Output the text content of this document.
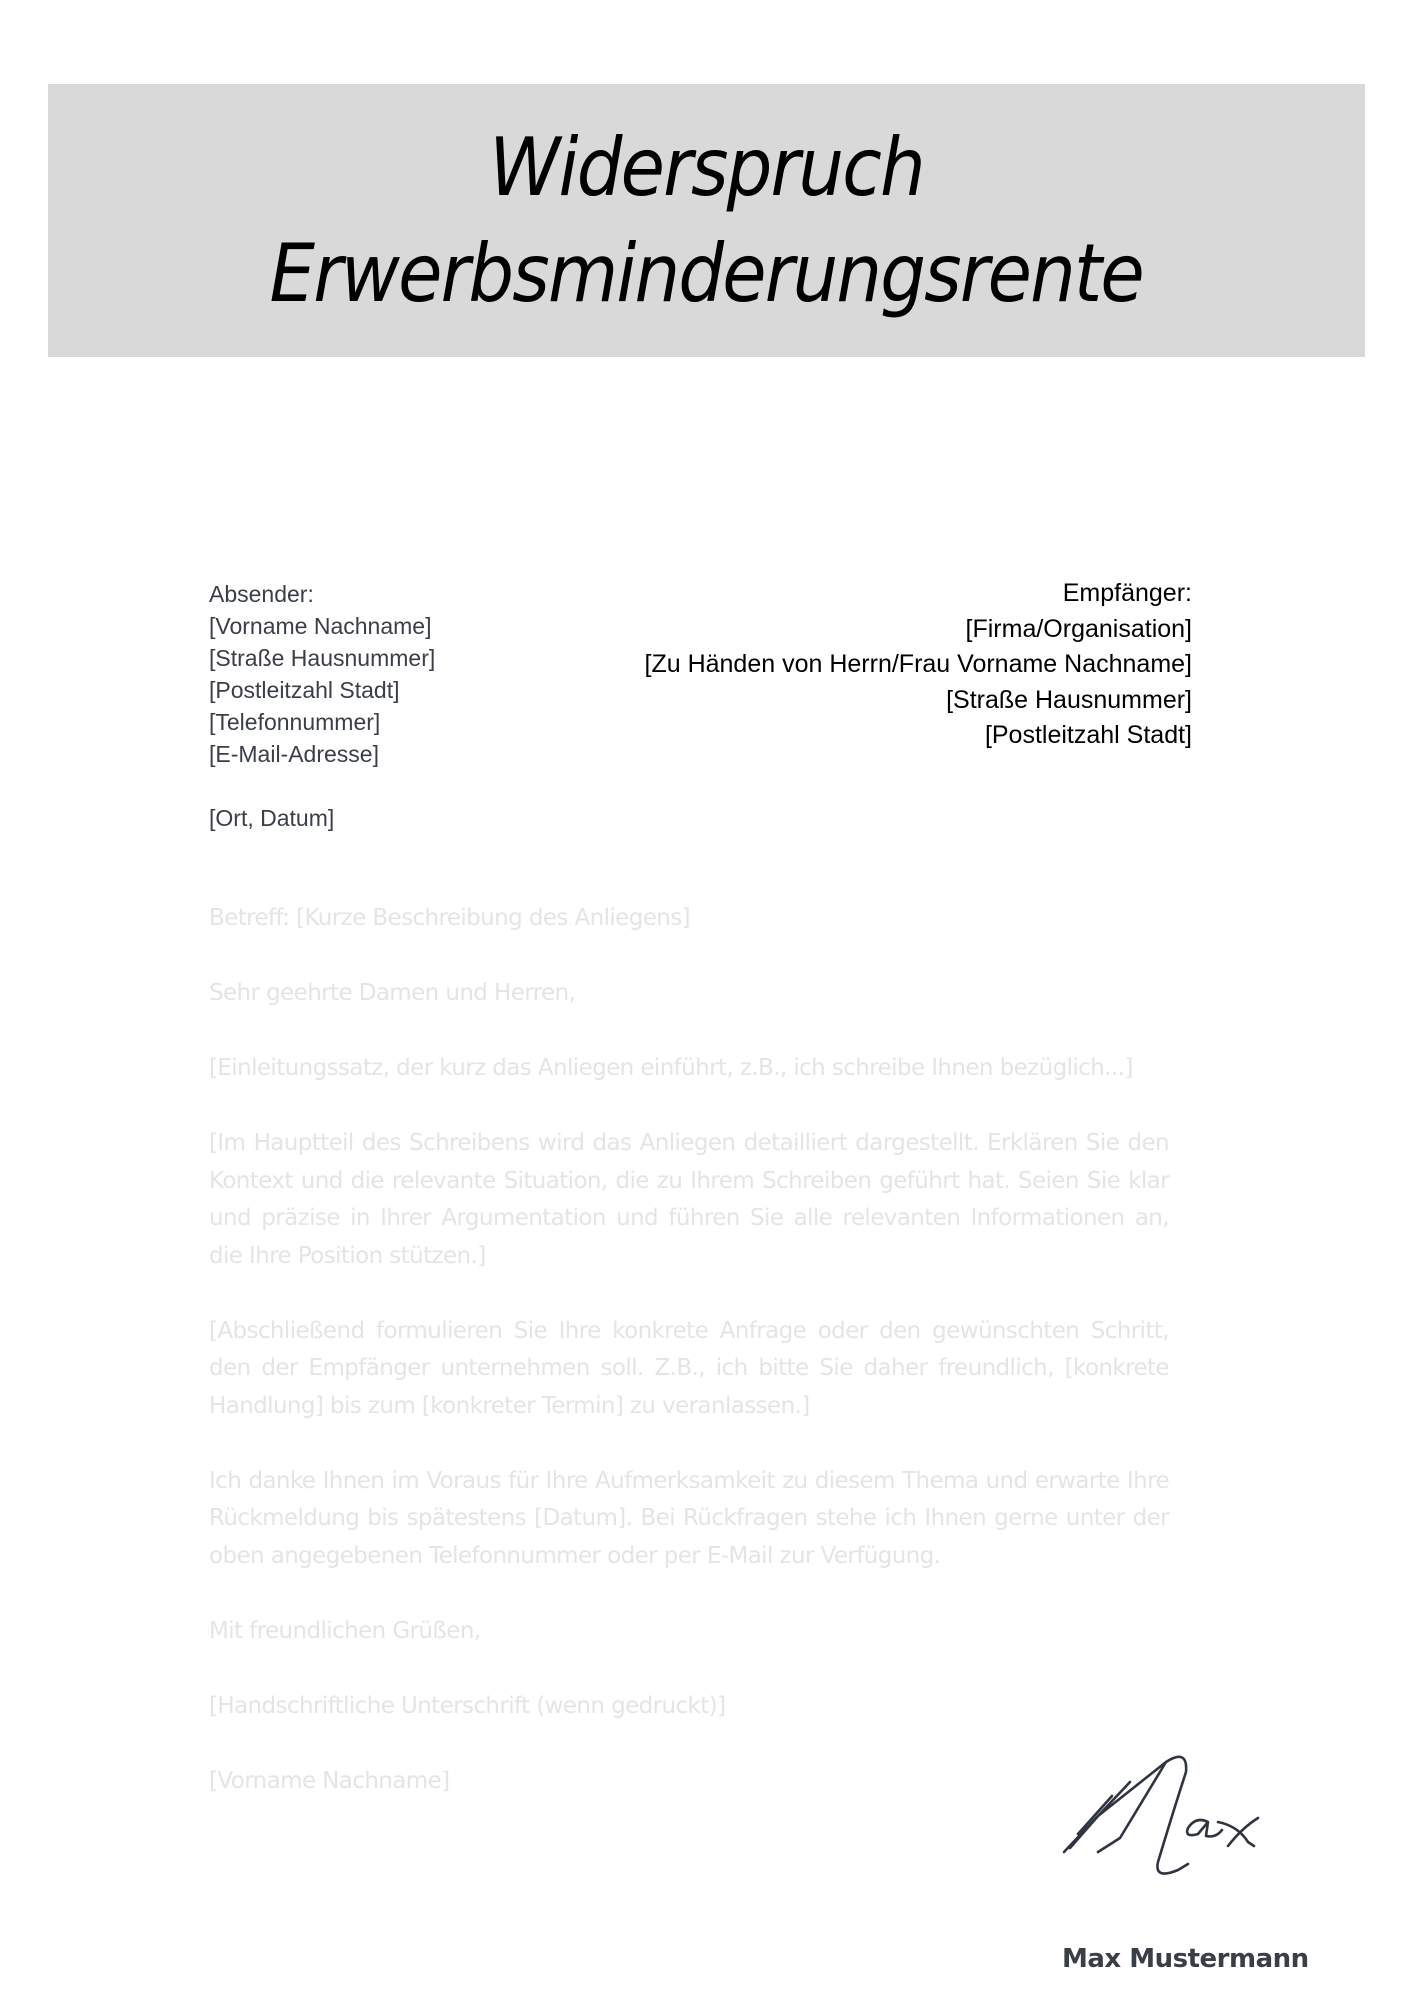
Widerspruch
Erwerbsminderungsrente
Absender:
[Vorname Nachname]
[Straße Hausnummer]
[Postleitzahl Stadt]
[Telefonnummer]
[E-Mail-Adresse]
[Ort, Datum]
Empfänger:
[Firma/Organisation]
[Zu Händen von Herrn/Frau Vorname Nachname]
[Straße Hausnummer]
[Postleitzahl Stadt]

Betreff: [Kurze Beschreibung des Anliegens]

Sehr geehrte Damen und Herren,

[Einleitungssatz, der kurz das Anliegen einführt, z.B., ich schreibe Ihnen bezüglich...]

[Im Hauptteil des Schreibens wird das Anliegen detailliert dargestellt. Erklären Sie den Kontext und die relevante Situation, die zu Ihrem Schreiben geführt hat. Seien Sie klar und präzise in Ihrer Argumentation und führen Sie alle relevanten Informationen an, die Ihre Position stützen.]

[Abschließend formulieren Sie Ihre konkrete Anfrage oder den gewünschten Schritt, den der Empfänger unternehmen soll. Z.B., ich bitte Sie daher freundlich, [konkrete Handlung] bis zum [konkreter Termin] zu veranlassen.]

Ich danke Ihnen im Voraus für Ihre Aufmerksamkeit zu diesem Thema und erwarte Ihre Rückmeldung bis spätestens [Datum]. Bei Rückfragen stehe ich Ihnen gerne unter der oben angegebenen Telefonnummer oder per E-Mail zur Verfügung.

Mit freundlichen Grüßen,

[Handschriftliche Unterschrift (wenn gedruckt)]

[Vorname Nachname]

Max Mustermann
